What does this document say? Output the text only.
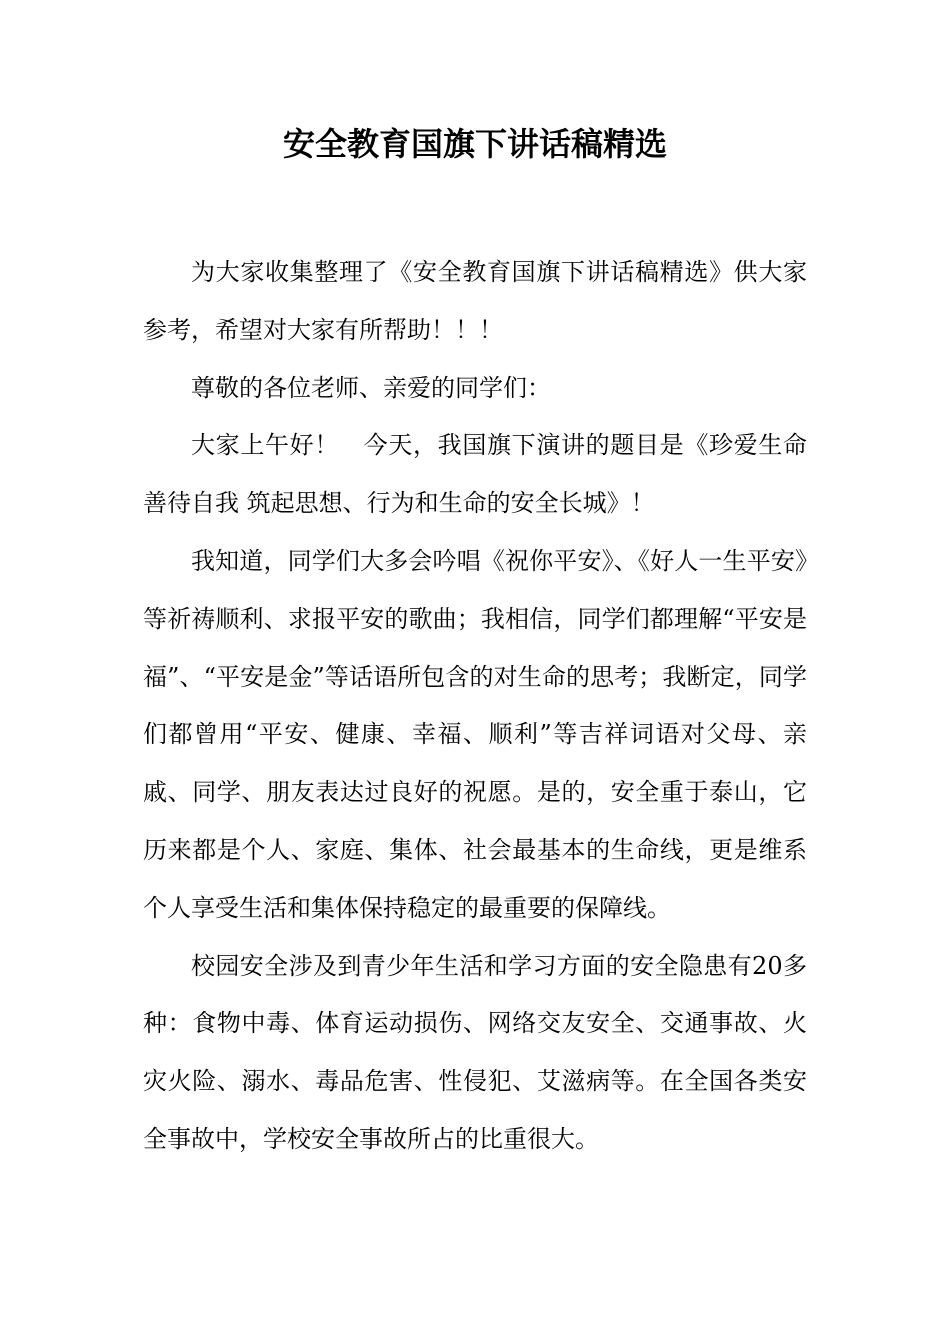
安全教育国旗下讲话稿精选

为大家收集整理了《安全教育国旗下讲话稿精选》供大家参考，希望对大家有所帮助！！！

尊敬的各位老师、亲爱的同学们：

大家上午好！　今天，我国旗下演讲的题目是《珍爱生命 善待自我 筑起思想、行为和生命的安全长城》！

我知道，同学们大多会吟唱《祝你平安》、《好人一生平安》等祈祷顺利、求报平安的歌曲；我相信，同学们都理解“平安是福”、“平安是金”等话语所包含的对生命的思考；我断定，同学们都曾用“平安、健康、幸福、顺利”等吉祥词语对父母、亲戚、同学、朋友表达过良好的祝愿。是的，安全重于泰山，它历来都是个人、家庭、集体、社会最基本的生命线，更是维系个人享受生活和集体保持稳定的最重要的保障线。

校园安全涉及到青少年生活和学习方面的安全隐患有20多种：食物中毒、体育运动损伤、网络交友安全、交通事故、火灾火险、溺水、毒品危害、性侵犯、艾滋病等。在全国各类安全事故中，学校安全事故所占的比重很大。
